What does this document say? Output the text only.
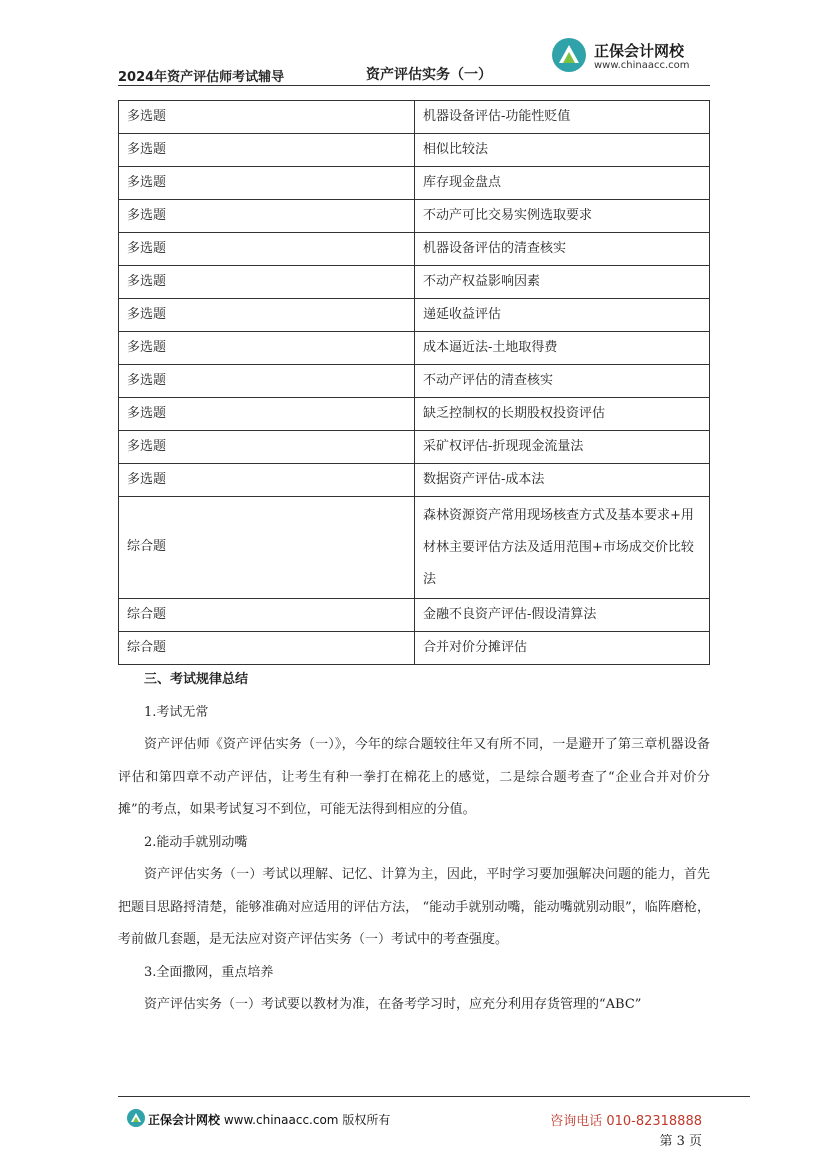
2024年资产评估师考试辅导	资产评估实务（一）
正保会计网校
www.chinaacc.com
多选题	机器设备评估-功能性贬值
多选题	相似比较法
多选题	库存现金盘点
多选题	不动产可比交易实例选取要求
多选题	机器设备评估的清查核实
多选题	不动产权益影响因素
多选题	递延收益评估
多选题	成本逼近法-土地取得费
多选题	不动产评估的清查核实
多选题	缺乏控制权的长期股权投资评估
多选题	采矿权评估-折现现金流量法
多选题	数据资产评估-成本法
综合题	森林资源资产常用现场核查方式及基本要求+用材林主要评估方法及适用范围+市场成交价比较法
综合题	金融不良资产评估-假设清算法
综合题	合并对价分摊评估

三、考试规律总结

1.考试无常

资产评估师《资产评估实务（一）》，今年的综合题较往年又有所不同，一是避开了第三章机器设备评估和第四章不动产评估，让考生有种一拳打在棉花上的感觉，二是综合题考查了“企业合并对价分摊”的考点，如果考试复习不到位，可能无法得到相应的分值。

2.能动手就别动嘴

资产评估实务（一）考试以理解、记忆、计算为主，因此，平时学习要加强解决问题的能力，首先把题目思路捋清楚，能够准确对应适用的评估方法， “能动手就别动嘴，能动嘴就别动眼”，临阵磨枪，考前做几套题，是无法应对资产评估实务（一）考试中的考查强度。

3.全面撒网，重点培养

资产评估实务（一）考试要以教材为准，在备考学习时，应充分利用存货管理的“ABC”

正保会计网校 www.chinaacc.com 版权所有	咨询电话 010-82318888
第 3 页
